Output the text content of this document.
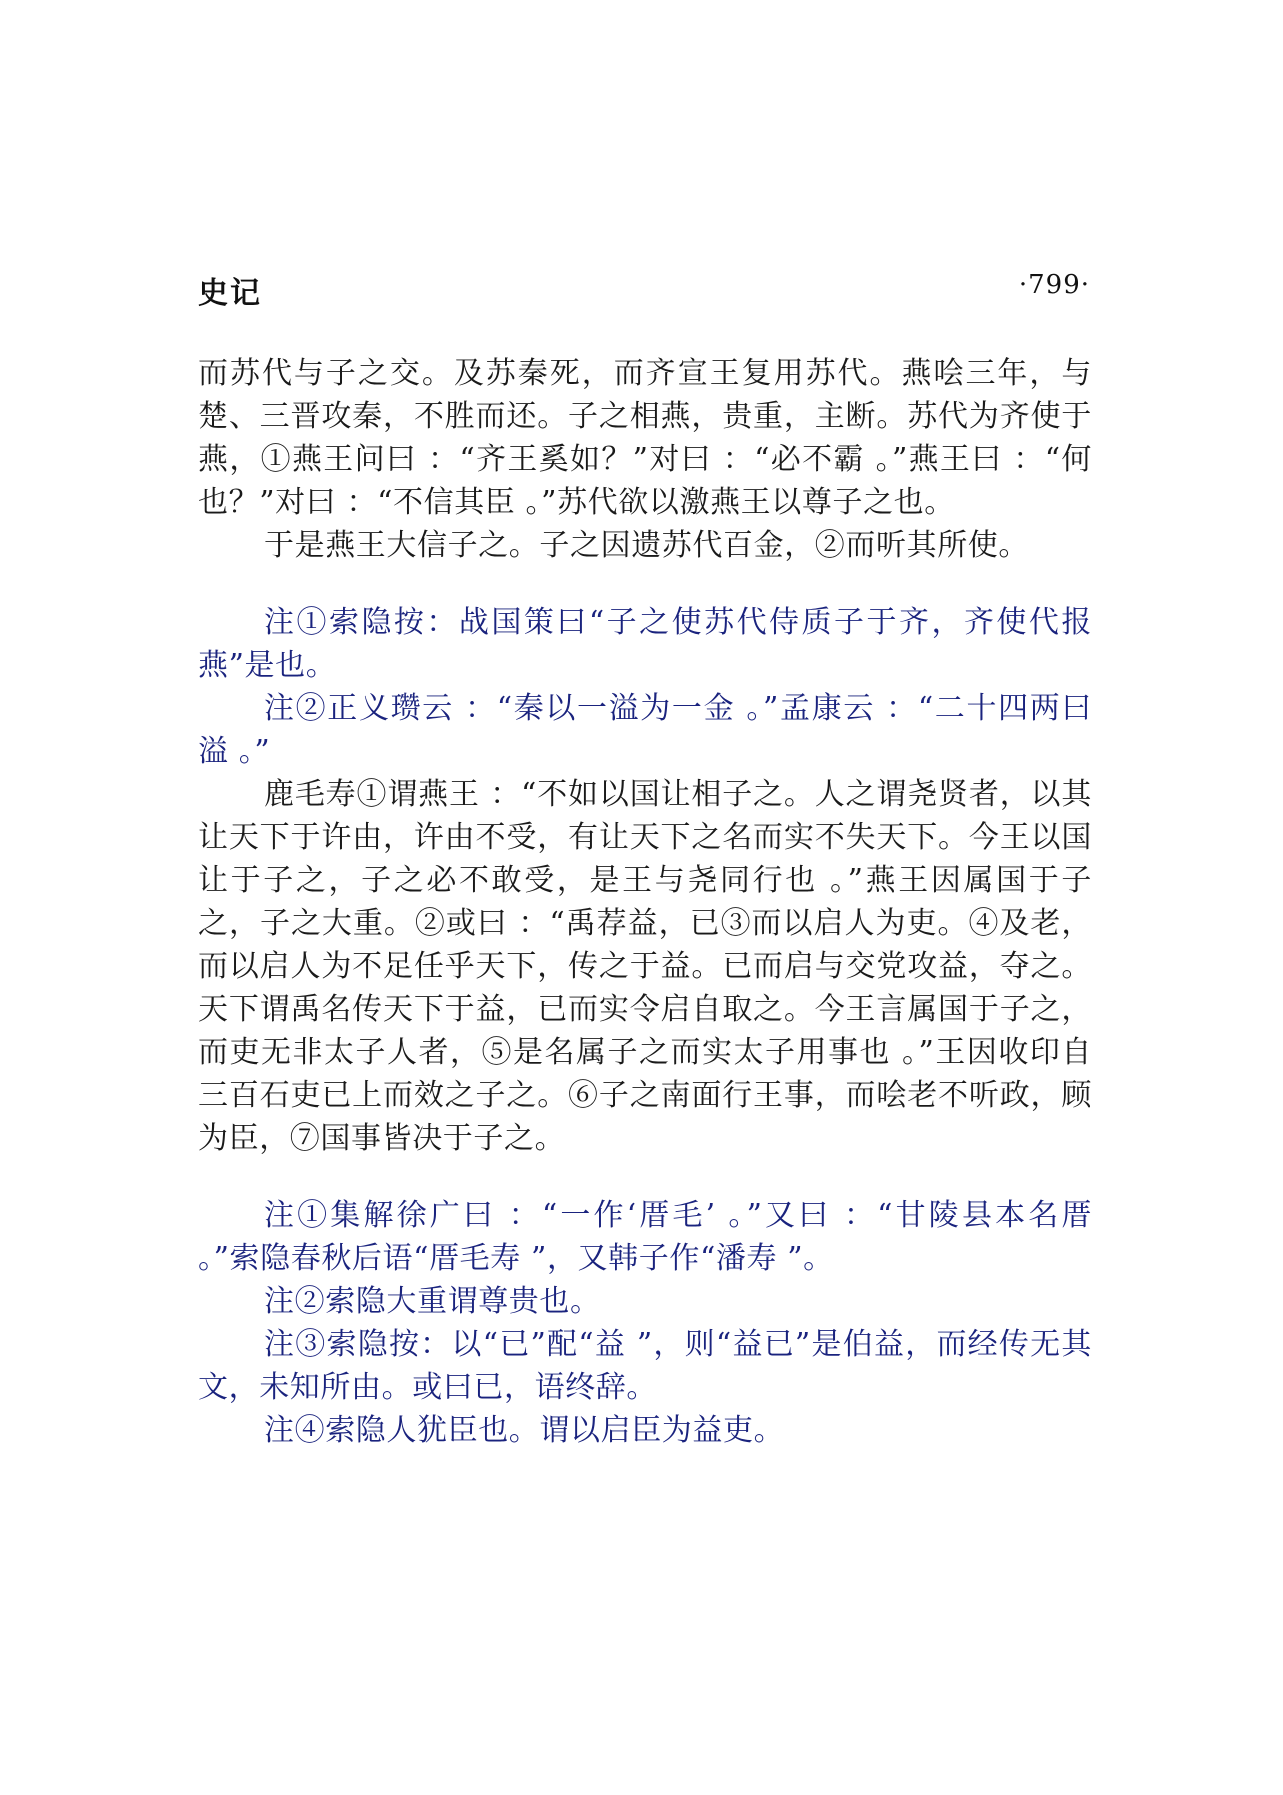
史记	·799·

而苏代与子之交。及苏秦死，而齐宣王复用苏代。燕哙三年，与楚、三晋攻秦，不胜而还。子之相燕，贵重，主断。苏代为齐使于燕，①燕王问曰 ：“齐王奚如？”对曰 ：“必不霸 。”燕王曰 ：“何也？”对曰 ：“不信其臣 。”苏代欲以激燕王以尊子之也。

于是燕王大信子之。子之因遗苏代百金，②而听其所使。

注①索隐按：战国策曰“子之使苏代侍质子于齐，齐使代报燕”是也。

注②正义瓒云 ：“秦以一溢为一金 。”孟康云 ：“二十四两曰溢 。”

鹿毛寿①谓燕王 ：“不如以国让相子之。人之谓尧贤者，以其让天下于许由，许由不受，有让天下之名而实不失天下。今王以国让于子之，子之必不敢受，是王与尧同行也 。”燕王因属国于子之，子之大重。②或曰 ：“禹荐益，已③而以启人为吏。④及老，而以启人为不足任乎天下，传之于益。已而启与交党攻益，夺之。天下谓禹名传天下于益，已而实令启自取之。今王言属国于子之，而吏无非太子人者，⑤是名属子之而实太子用事也 。”王因收印自三百石吏已上而效之子之。⑥子之南面行王事，而哙老不听政，顾为臣，⑦国事皆决于子之。

注①集解徐广曰 ：“一作‘厝毛’ 。”又曰 ：“甘陵县本名厝 。”索隐春秋后语“厝毛寿 ”，又韩子作“潘寿 ”。

注②索隐大重谓尊贵也。

注③索隐按：以“已”配“益 ”，则“益已”是伯益，而经传无其文，未知所由。或曰已，语终辞。

注④索隐人犹臣也。谓以启臣为益吏。
